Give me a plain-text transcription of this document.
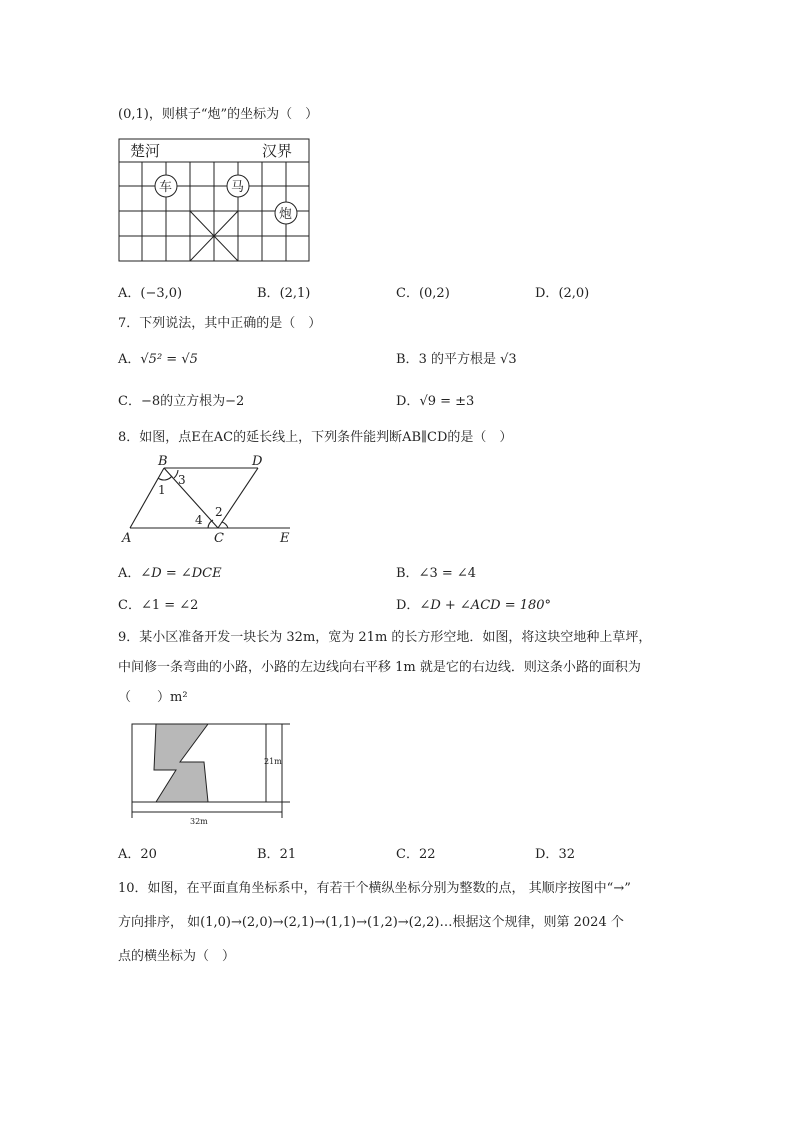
(0,1)，则棋子“炮”的坐标为（　）
楚河	汉界
车	马
炮
A．(−3,0)	B．(2,1)	C．(0,2)	D．(2,0)
7．下列说法，其中正确的是（　）
A．√5² = √5	B．3 的平方根是 √3
C．−8的立方根为−2	D．√9 = ±3
8．如图，点E在AC的延长线上，下列条件能判断AB∥CD的是（　）
B	D
A	C	E
1
2
3
4
A．∠D = ∠DCE	B．∠3 = ∠4
C．∠1 = ∠2	D．∠D + ∠ACD = 180°
9．某小区准备开发一块长为 32m，宽为 21m 的长方形空地．如图，将这块空地种上草坪，
中间修一条弯曲的小路，小路的左边线向右平移 1m 就是它的右边线．则这条小路的面积为
（　　）m²
21m
32m
A．20	B．21	C．22	D．32
10．如图，在平面直角坐标系中，有若干个横纵坐标分别为整数的点， 其顺序按图中“→”
方向排序， 如(1,0)→(2,0)→(2,1)→(1,1)→(1,2)→(2,2)…根据这个规律，则第 2024 个
点的横坐标为（　）
